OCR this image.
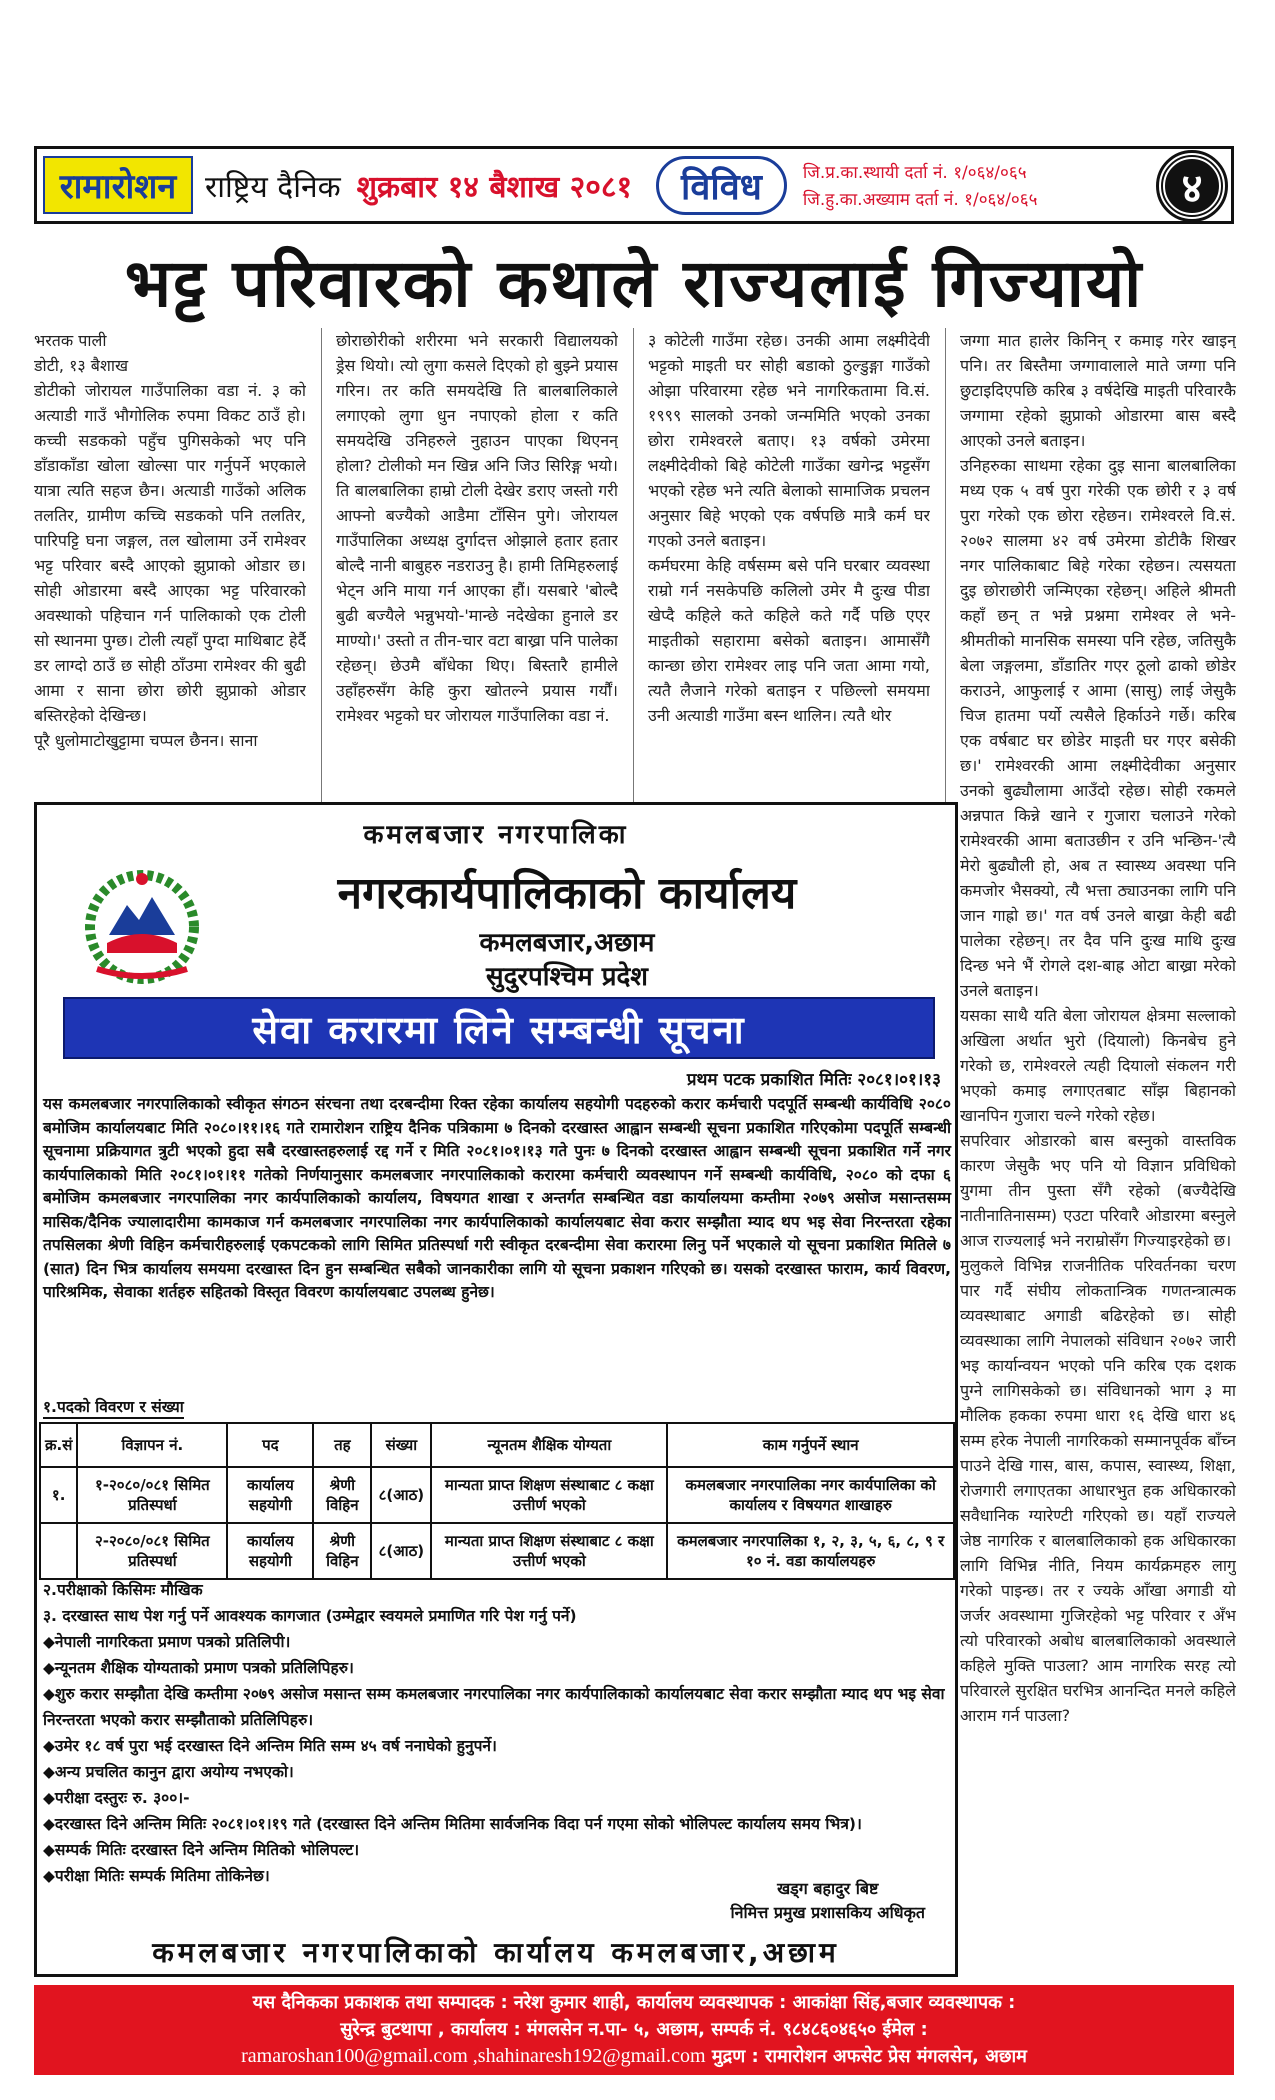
रामारोशन राष्ट्रिय दैनिक शुक्रबार १४ बैशाख २०८१	विविध	जि.प्र.का.स्थायी दर्ता नं. १/०६४/०६५
जि.हु.का.अख्याम दर्ता नं. १/०६४/०६५	४
भट्ट परिवारको कथाले राज्यलाई गिज्यायो
भरतक पाली
डोटी, १३ बैशाख
डोटीको जोरायल गाउँपालिका वडा नं. ३ को अत्याडी गाउँ भौगोलिक रुपमा विकट ठाउँ हो। कच्ची सडकको पहुँच पुगिसकेको भए पनि डाँडाकाँडा खोला खोल्सा पार गर्नुपर्ने भएकाले यात्रा त्यति सहज छैन। अत्याडी गाउँको अलिक तलतिर, ग्रामीण कच्चि सडकको पनि तलतिर, पारिपट्टि घना जङ्गल, तल खोलामा उर्ने रामेश्वर भट्ट परिवार बस्दै आएको झुप्राको ओडार छ। सोही ओडारमा बस्दै आएका भट्ट परिवारको अवस्थाको पहिचान गर्न पालिकाको एक टोली सो स्थानमा पुग्छ। टोली त्यहाँ पुग्दा माथिबाट हेर्दै डर लाग्दो ठाउँ छ सोही ठाँउमा रामेश्वर की बुढी आमा र साना छोरा छोरी झुप्राको ओडार बस्तिरहेको देखिन्छ।
पूरै धुलोमाटोखुट्टामा चप्पल छैनन। साना
छोराछोरीको शरीरमा भने सरकारी विद्यालयको ड्रेस थियो। त्यो लुगा कसले दिएको हो बुझ्ने प्रयास गरिन। तर कति समयदेखि ति बालबालिकाले लगाएको लुगा धुन नपाएको होला र कति समयदेखि उनिहरुले नुहाउन पाएका थिएनन् होला? टोलीको मन खिन्न अनि जिउ सिरिङ्ग भयो। ति बालबालिका हाम्रो टोली देखेर डराए जस्तो गरी आफ्नो बज्यैको आडैमा टाँसिन पुगे। जोरायल गाउँपालिका अध्यक्ष दुर्गादत्त ओझाले हतार हतार बोल्दै नानी बाबुहरु नडराउनु है। हामी तिमिहरुलाई भेट्न अनि माया गर्न आएका हौं। यसबारे 'बोल्दै बुढी बज्यैले भन्नुभयो-'मान्छे नदेखेका हुनाले डर माण्यो।' उस्तो त तीन-चार वटा बाख्रा पनि पालेका रहेछन्। छेउमै बाँधेका थिए। बिस्तारै हामीले उहाँहरुसँग केहि कुरा खोतल्ने प्रयास गर्यौं। रामेश्वर भट्टको घर जोरायल गाउँपालिका वडा नं.
३ कोटेली गाउँमा रहेछ। उनकी आमा लक्ष्मीदेवी भट्टको माइती घर सोही बडाको ठुल्डुङ्गा गाउँको ओझा परिवारमा रहेछ भने नागरिकतामा वि.सं. १९९९ सालको उनको जन्ममिति भएको उनका छोरा रामेश्वरले बताए। १३ वर्षको उमेरमा लक्ष्मीदेवीको बिहे कोटेली गाउँका खगेन्द्र भट्टसँग भएको रहेछ भने त्यति बेलाको सामाजिक प्रचलन अनुसार बिहे भएको एक वर्षपछि मात्रै कर्म घर गएको उनले बताइन।
कर्मघरमा केहि वर्षसम्म बसे पनि घरबार व्यवस्था राम्रो गर्न नसकेपछि कलिलो उमेर मै दुःख पीडा खेप्दै कहिले कते कहिले कते गर्दै पछि एएर माइतीको सहारामा बसेको बताइन। आमासँगै कान्छा छोरा रामेश्वर लाइ पनि जता आमा गयो, त्यतै लैजाने गरेको बताइन र पछिल्लो समयमा उनी अत्याडी गाउँमा बस्न थालिन। त्यतै थोर
जग्गा मात हालेर किनिन् र कमाइ गरेर खाइन् पनि। तर बिस्तैमा जग्गावालाले माते जग्गा पनि छुटाइदिएपछि करिब ३ वर्षदेखि माइती परिवारकै जग्गामा रहेको झुप्राको ओडारमा बास बस्दै आएको उनले बताइन।
उनिहरुका साथमा रहेका दुइ साना बालबालिका मध्य एक ५ वर्ष पुरा गरेकी एक छोरी र ३ वर्ष पुरा गरेको एक छोरा रहेछन। रामेश्वरले वि.सं. २०७२ सालमा ४२ वर्ष उमेरमा डोटीकै शिखर नगर पालिकाबाट बिहे गरेका रहेछन। त्यसयता दुइ छोराछोरी जन्मिएका रहेछन्। अहिले श्रीमती कहाँ छन् त भन्ने प्रश्नमा रामेश्वर ले भने-श्रीमतीको मानसिक समस्या पनि रहेछ, जतिसुकै बेला जङ्गलमा, डाँडातिर गएर ठूलो ढाको छोडेर कराउने, आफुलाई र आमा (सासु) लाई जेसुकै चिज हातमा पर्यो त्यसैले हिर्काउने गर्छे। करिब एक वर्षबाट घर छोडेर माइती घर गएर बसेकी छ।' रामेश्वरकी आमा लक्ष्मीदेवीका अनुसार उनको बुढ्यौलामा आउँदो रहेछ। सोही रकमले अन्नपात किन्ने खाने र गुजारा चलाउने गरेको रामेश्वरकी आमा बताउछीन र उनि भन्छिन-'त्यै मेरो बुढ्यौली हो, अब त स्वास्थ्य अवस्था पनि कमजोर भैसक्यो, त्यै भत्ता ठ्याउनका लागि पनि जान गाह्रो छ।' गत वर्ष उनले बाख्रा केही बढी पालेका रहेछन्। तर दैव पनि दुःख माथि दुःख दिन्छ भने भैं रोगले दश-बाह्र ओटा बाख्रा मरेको उनले बताइन।
यसका साथै यति बेला जोरायल क्षेत्रमा सल्लाको अखिला अर्थात भुरो (दियालो) किनबेच हुने गरेको छ, रामेश्वरले त्यही दियालो संकलन गरी भएको कमाइ लगाएतबाट साँझ बिहानको खानपिन गुजारा चल्ने गरेको रहेछ।
सपरिवार ओडारको बास बस्नुको वास्तविक कारण जेसुकै भए पनि यो विज्ञान प्रविधिको युगमा तीन पुस्ता सँगै रहेको (बज्यैदेखि नातीनातिनासम्म) एउटा परिवारै ओडारमा बस्नुले आज राज्यलाई भने नराम्रोसँग गिज्याइरहेको छ।
मुलुकले विभिन्न राजनीतिक परिवर्तनका चरण पार गर्दै संघीय लोकतान्त्रिक गणतन्त्रात्मक व्यवस्थाबाट अगाडी बढिरहेको छ। सोही व्यवस्थाका लागि नेपालको संविधान २०७२ जारी भइ कार्यान्वयन भएको पनि करिब एक दशक पुग्ने लागिसकेको छ। संविधानको भाग ३ मा मौलिक हकका रुपमा धारा १६ देखि धारा ४६ सम्म हरेक नेपाली नागरिकको सम्मानपूर्वक बाँच्न पाउने देखि गास, बास, कपास, स्वास्थ्य, शिक्षा, रोजगारी लगाएतका आधारभुत हक अधिकारको सवैधानिक ग्यारेण्टी गरिएको छ। यहाँ राज्यले जेष्ठ नागरिक र बालबालिकाको हक अधिकारका लागि विभिन्न नीति, नियम कार्यक्रमहरु लागु गरेको पाइन्छ। तर र ज्यके आँखा अगाडी यो जर्जर अवस्थामा गुजिरहेको भट्ट परिवार र अँभ त्यो परिवारको अबोध बालबालिकाको अवस्थाले कहिले मुक्ति पाउला? आम नागरिक सरह त्यो परिवारले सुरक्षित घरभित्र आनन्दित मनले कहिले आराम गर्न पाउला?
कमलबजार नगरपालिका
नगरकार्यपालिकाको कार्यालय
कमलबजार,अछाम
सुदुरपश्चिम प्रदेश
सेवा करारमा लिने सम्बन्धी सूचना
प्रथम पटक प्रकाशित मितिः २०८१।०१।१३
यस कमलबजार नगरपालिकाको स्वीकृत संगठन संरचना तथा दरबन्दीमा रिक्त रहेका कार्यालय सहयोगी पदहरुको करार कर्मचारी पदपूर्ति सम्बन्धी कार्यविधि २०८० बमोजिम कार्यालयबाट मिति २०८०।११।१६ गते रामारोशन राष्ट्रिय दैनिक पत्रिकामा ७ दिनको दरखास्त आह्वान सम्बन्धी सूचना प्रकाशित गरिएकोमा पदपूर्ति सम्बन्धी सूचनामा प्रक्रियागत त्रुटी भएको हुदा सबै दरखास्तहरुलाई रद्द गर्ने र मिति २०८१।०१।१३ गते पुनः ७ दिनको दरखास्त आह्वान सम्बन्धी सूचना प्रकाशित गर्ने नगर कार्यपालिकाको मिति २०८१।०१।११ गतेको निर्णयानुसार कमलबजार नगरपालिकाको करारमा कर्मचारी व्यवस्थापन गर्ने सम्बन्धी कार्यविधि, २०८० को दफा ६ बमोजिम कमलबजार नगरपालिका नगर कार्यपालिकाको कार्यालय, विषयगत शाखा र अन्तर्गत सम्बन्धित वडा कार्यालयमा कम्तीमा २०७९ असोज मसान्तसम्म मासिक/दैनिक ज्यालादारीमा कामकाज गर्न कमलबजार नगरपालिका नगर कार्यपालिकाको कार्यालयबाट सेवा करार सम्झौता म्याद थप भइ सेवा निरन्तरता रहेका तपसिलका श्रेणी विहिन कर्मचारीहरुलाई एकपटकको लागि सिमित प्रतिस्पर्धा गरी स्वीकृत दरबन्दीमा सेवा करारमा लिनु पर्ने भएकाले यो सूचना प्रकाशित मितिले ७ (सात) दिन भित्र कार्यालय समयमा दरखास्त दिन हुन सम्बन्धित सबैको जानकारीका लागि यो सूचना प्रकाशन गरिएको छ। यसको दरखास्त फाराम, कार्य विवरण, पारिश्रमिक, सेवाका शर्तहरु सहितको विस्तृत विवरण कार्यालयबाट उपलब्ध हुनेछ।
१.पदको विवरण र संख्या
क्र.सं	विज्ञापन नं.	पद	तह	संख्या	न्यूनतम शैक्षिक योग्यता	काम गर्नुपर्ने स्थान
१.	१-२०८०/०८१ सिमित प्रतिस्पर्धा	कार्यालय सहयोगी	श्रेणी विहिन	८(आठ)	मान्यता प्राप्त शिक्षण संस्थाबाट ८ कक्षा उत्तीर्ण भएको	कमलबजार नगरपालिका नगर कार्यपालिका को कार्यालय र विषयगत शाखाहरु
	२-२०८०/०८१ सिमित प्रतिस्पर्धा	कार्यालय सहयोगी	श्रेणी विहिन	८(आठ)	मान्यता प्राप्त शिक्षण संस्थाबाट ८ कक्षा उत्तीर्ण भएको	कमलबजार नगरपालिका १, २, ३, ५, ६, ८, ९ र १० नं. वडा कार्यालयहरु
२.परीक्षाको किसिमः मौखिक
३. दरखास्त साथ पेश गर्नु पर्ने आवश्यक कागजात (उम्मेद्वार स्वयमले प्रमाणित गरि पेश गर्नु पर्ने)
◆नेपाली नागरिकता प्रमाण पत्रको प्रतिलिपी।
◆न्यूनतम शैक्षिक योग्यताको प्रमाण पत्रको प्रतिलिपिहरु।
◆शुरु करार सम्झौता देखि कम्तीमा २०७९ असोज मसान्त सम्म कमलबजार नगरपालिका नगर कार्यपालिकाको कार्यालयबाट सेवा करार सम्झौता म्याद थप भइ सेवा निरन्तरता भएको करार सम्झौताको प्रतिलिपिहरु।
◆उमेर १८ वर्ष पुरा भई दरखास्त दिने अन्तिम मिति सम्म ४५ वर्ष ननाघेको हुनुपर्ने।
◆अन्य प्रचलित कानुन द्वारा अयोग्य नभएको।
◆परीक्षा दस्तुरः रु. ३००।-
◆दरखास्त दिने अन्तिम मितिः २०८१।०१।१९ गते (दरखास्त दिने अन्तिम मितिमा सार्वजनिक विदा पर्न गएमा सोको भोलिपल्ट कार्यालय समय भित्र)।
◆सम्पर्क मितिः दरखास्त दिने अन्तिम मितिको भोलिपल्ट।
◆परीक्षा मितिः सम्पर्क मितिमा तोकिनेछ।
खड्ग बहादुर बिष्ट
निमित्त प्रमुख प्रशासकिय अधिकृत
कमलबजार नगरपालिकाको कार्यालय कमलबजार,अछाम
यस दैनिकका प्रकाशक तथा सम्पादक : नरेश कुमार शाही, कार्यालय व्यवस्थापक : आकांक्षा सिंह,बजार व्यवस्थापक :
सुरेन्द्र बुटथापा , कार्यालय : मंगलसेन न.पा- ५, अछाम, सम्पर्क नं. ९८४८६०४६५० ईमेल :
ramaroshan100@gmail.com ,shahinaresh192@gmail.com मुद्रण : रामारोशन अफसेट प्रेस मंगलसेन, अछाम
